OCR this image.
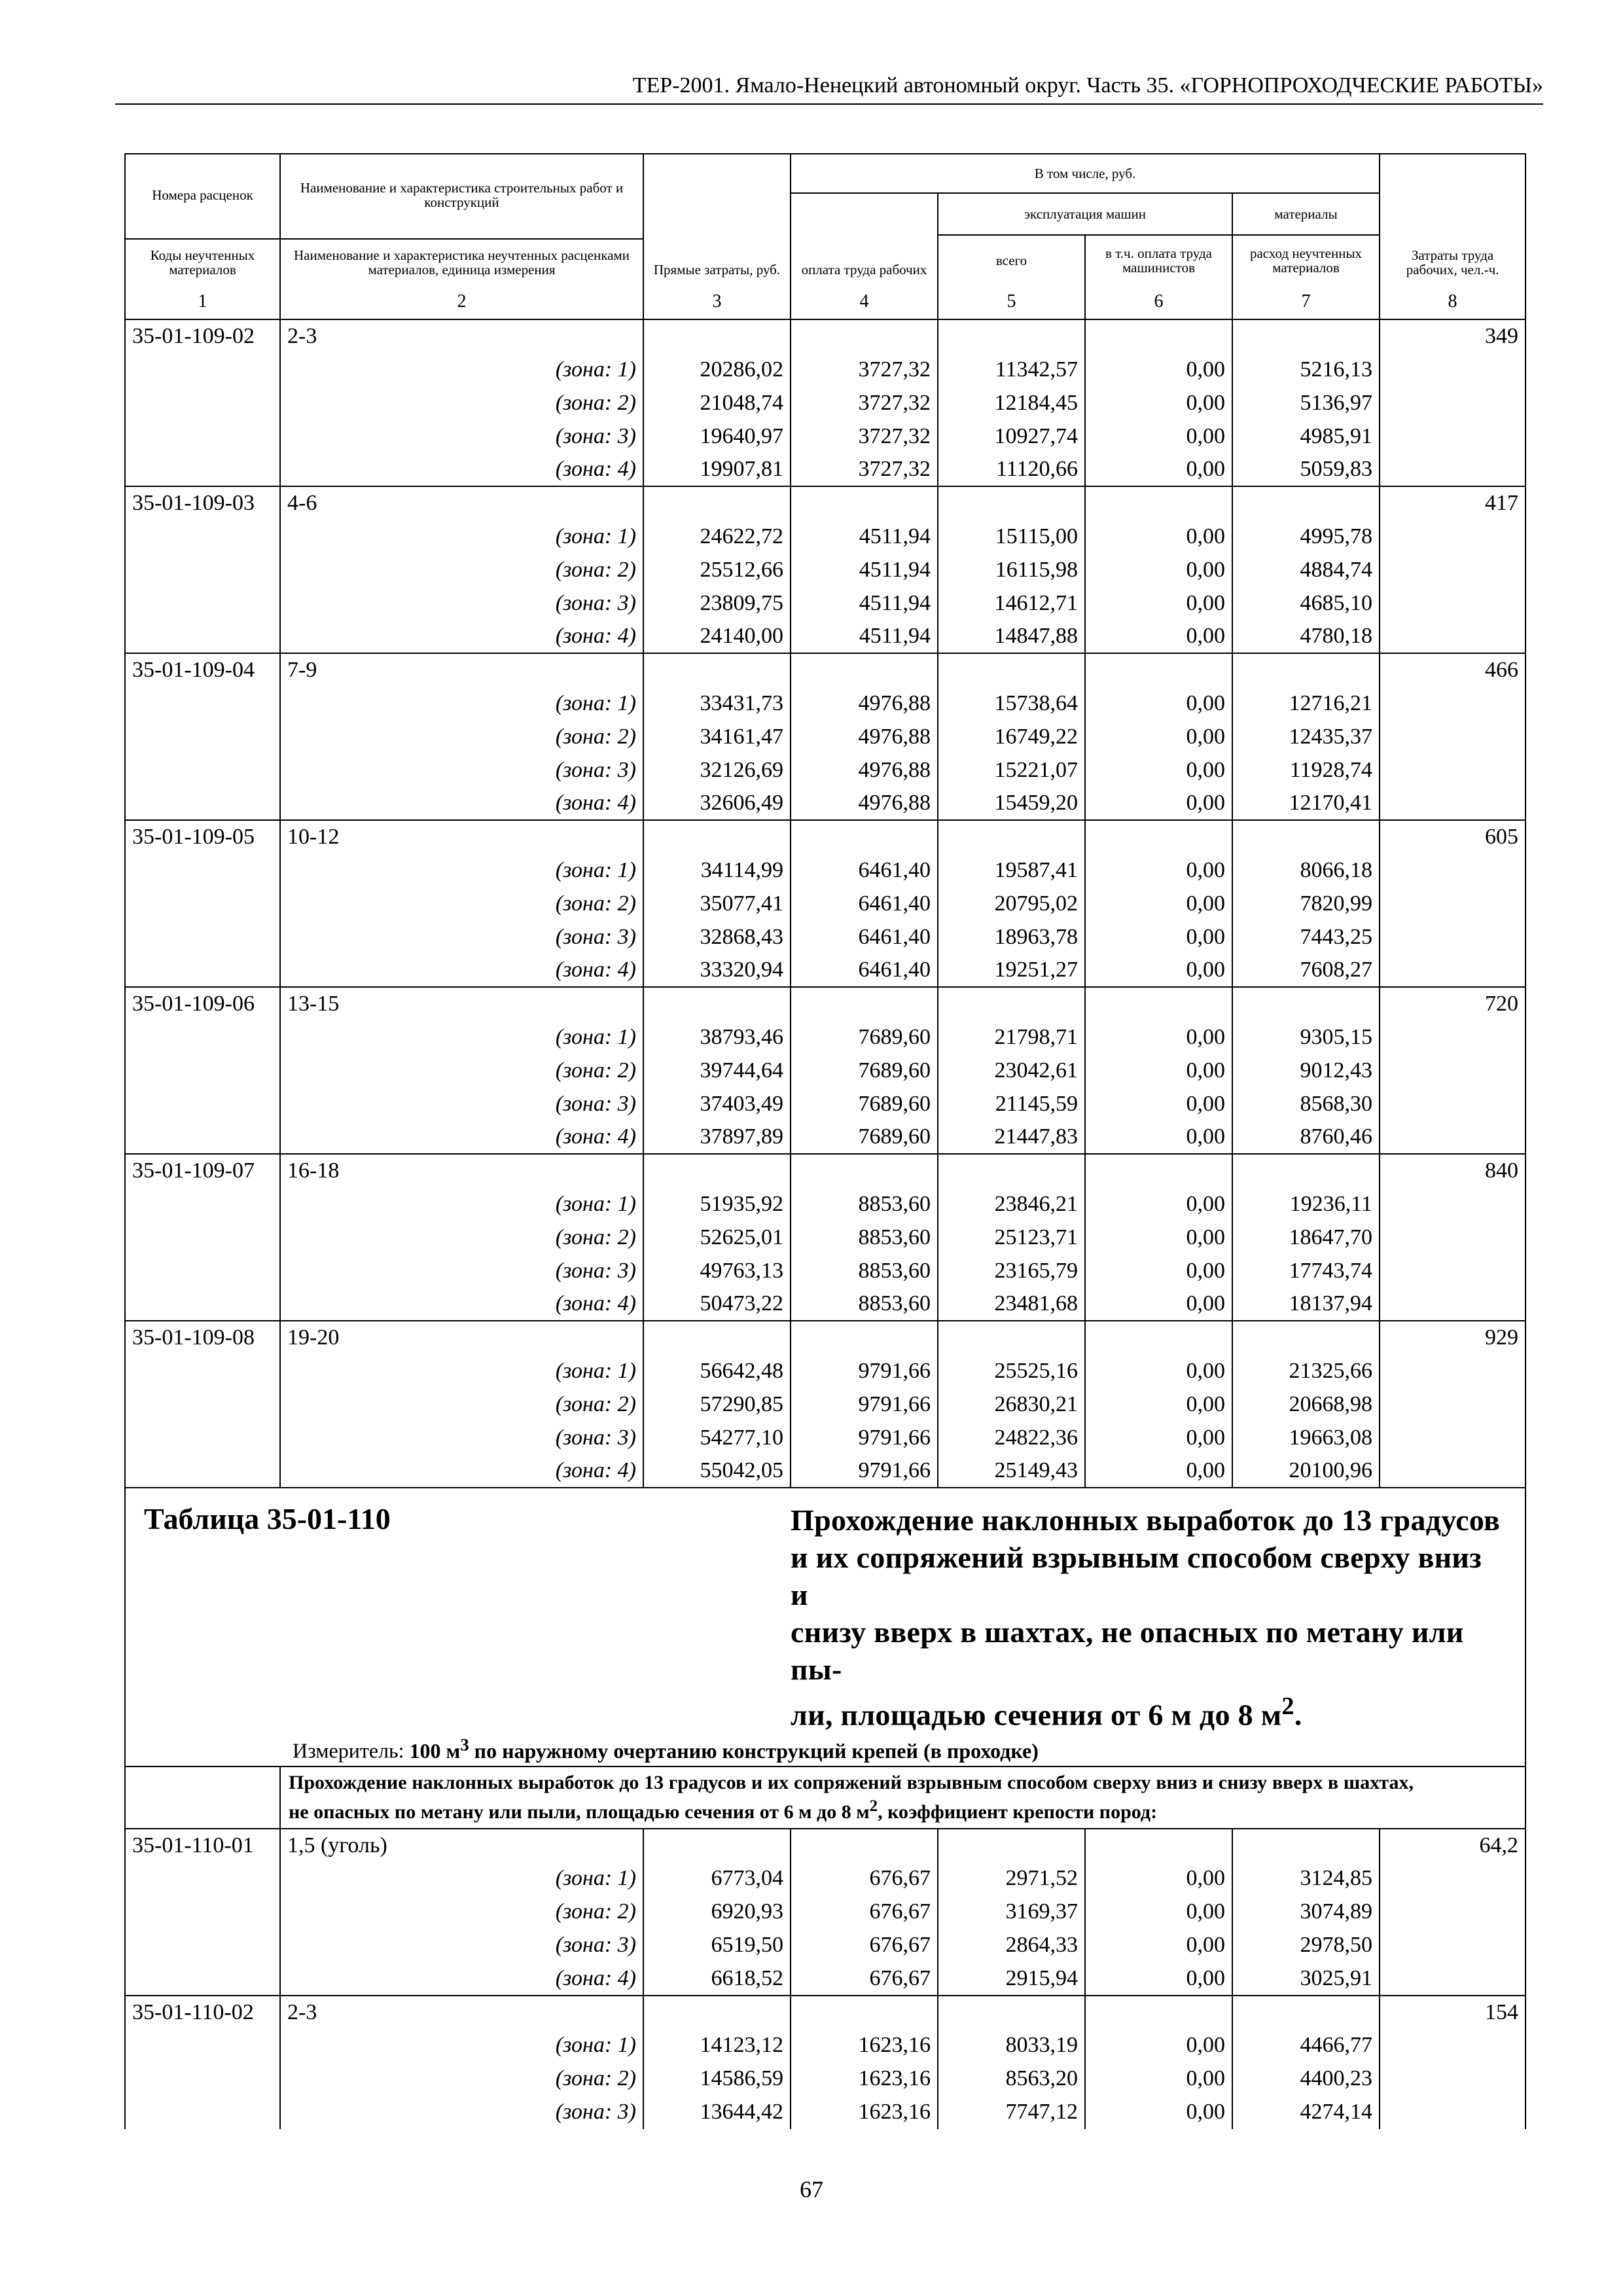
ТЕР-2001. Ямало-Ненецкий автономный округ. Часть 35. «ГОРНОПРОХОДЧЕСКИЕ РАБОТЫ»
Номера расценок	Наименование и характеристика строительных работ и конструкций	Прямые затраты, руб.	В том числе, руб.				Затраты труда рабочих, чел.-ч.
			оплата труда рабочих	эксплуатация машин		материалы	
				всего	в т.ч. оплата труда машинистов	расход неучтенных материалов	
Коды неучтенных материалов	Наименование и характеристика неучтенных расценками материалов, единица измерения						
1	2	3	4	5	6	7	8
35-01-109-02	2-3						349
	(зона: 1)	20286,02	3727,32	11342,57	0,00	5216,13	
	(зона: 2)	21048,74	3727,32	12184,45	0,00	5136,97	
	(зона: 3)	19640,97	3727,32	10927,74	0,00	4985,91	
	(зона: 4)	19907,81	3727,32	11120,66	0,00	5059,83	
35-01-109-03	4-6						417
	(зона: 1)	24622,72	4511,94	15115,00	0,00	4995,78	
	(зона: 2)	25512,66	4511,94	16115,98	0,00	4884,74	
	(зона: 3)	23809,75	4511,94	14612,71	0,00	4685,10	
	(зона: 4)	24140,00	4511,94	14847,88	0,00	4780,18	
35-01-109-04	7-9						466
	(зона: 1)	33431,73	4976,88	15738,64	0,00	12716,21	
	(зона: 2)	34161,47	4976,88	16749,22	0,00	12435,37	
	(зона: 3)	32126,69	4976,88	15221,07	0,00	11928,74	
	(зона: 4)	32606,49	4976,88	15459,20	0,00	12170,41	
35-01-109-05	10-12						605
	(зона: 1)	34114,99	6461,40	19587,41	0,00	8066,18	
	(зона: 2)	35077,41	6461,40	20795,02	0,00	7820,99	
	(зона: 3)	32868,43	6461,40	18963,78	0,00	7443,25	
	(зона: 4)	33320,94	6461,40	19251,27	0,00	7608,27	
35-01-109-06	13-15						720
	(зона: 1)	38793,46	7689,60	21798,71	0,00	9305,15	
	(зона: 2)	39744,64	7689,60	23042,61	0,00	9012,43	
	(зона: 3)	37403,49	7689,60	21145,59	0,00	8568,30	
	(зона: 4)	37897,89	7689,60	21447,83	0,00	8760,46	
35-01-109-07	16-18						840
	(зона: 1)	51935,92	8853,60	23846,21	0,00	19236,11	
	(зона: 2)	52625,01	8853,60	25123,71	0,00	18647,70	
	(зона: 3)	49763,13	8853,60	23165,79	0,00	17743,74	
	(зона: 4)	50473,22	8853,60	23481,68	0,00	18137,94	
35-01-109-08	19-20						929
	(зона: 1)	56642,48	9791,66	25525,16	0,00	21325,66	
	(зона: 2)	57290,85	9791,66	26830,21	0,00	20668,98	
	(зона: 3)	54277,10	9791,66	24822,36	0,00	19663,08	
	(зона: 4)	55042,05	9791,66	25149,43	0,00	20100,96	
Таблица 35-01-110			Прохождение наклонных выработок до 13 градусов
и их сопряжений взрывным способом сверху вниз и
снизу вверх в шахтах, не опасных по метану или пы-
ли, площадью сечения от 6 м до 8 $м^2$.				

Измеритель: 100 $м^3$ по наружному очертанию конструкций крепей (в проходке)							

	Прохождение наклонных выработок до 13 градусов и их сопряжений взрывным способом сверху вниз и снизу вверх в шахтах, не опасных по метану или пыли, площадью сечения от 6 м до 8 $м^2$, коэффициент крепости пород:						

35-01-110-01	1,5 (уголь)						64,2
	(зона: 1)	6773,04	676,67	2971,52	0,00	3124,85	
	(зона: 2)	6920,93	676,67	3169,37	0,00	3074,89	
	(зона: 3)	6519,50	676,67	2864,33	0,00	2978,50	
	(зона: 4)	6618,52	676,67	2915,94	0,00	3025,91	
35-01-110-02	2-3						154
	(зона: 1)	14123,12	1623,16	8033,19	0,00	4466,77	
	(зона: 2)	14586,59	1623,16	8563,20	0,00	4400,23	
	(зона: 3)	13644,42	1623,16	7747,12	0,00	4274,14	
67
